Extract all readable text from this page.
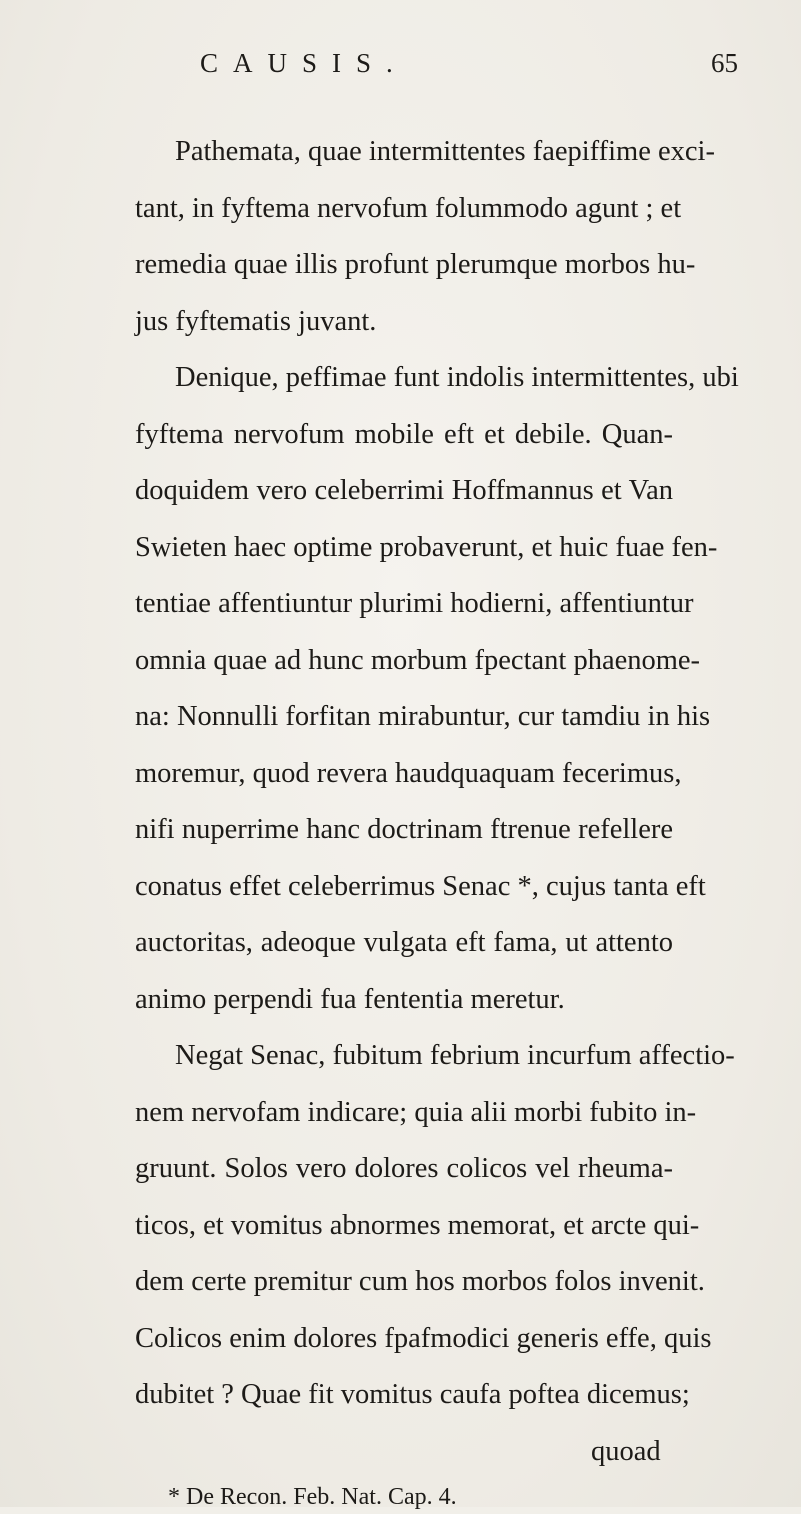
CAUSIS.	65
Pathemata, quae intermittentes faepiffime exci-
tant, in fyftema nervofum folummodo agunt ; et
remedia quae illis profunt plerumque morbos hu-
jus fyftematis juvant.
Denique, peffimae funt indolis intermittentes, ubi
fyftema nervofum mobile eft et debile. Quan-
doquidem vero celeberrimi Hoffmannus et Van
Swieten haec optime probaverunt, et huic fuae fen-
tentiae affentiuntur plurimi hodierni, affentiuntur
omnia quae ad hunc morbum fpectant phaenome-
na: Nonnulli forfitan mirabuntur, cur tamdiu in his
moremur, quod revera haudquaquam fecerimus,
nifi nuperrime hanc doctrinam ftrenue refellere
conatus effet celeberrimus Senac *, cujus tanta eft
auctoritas, adeoque vulgata eft fama, ut attento
animo perpendi fua fententia meretur.
Negat Senac, fubitum febrium incurfum affectio-
nem nervofam indicare; quia alii morbi fubito in-
gruunt. Solos vero dolores colicos vel rheuma-
ticos, et vomitus abnormes memorat, et arcte qui-
dem certe premitur cum hos morbos folos invenit.
Colicos enim dolores fpafmodici generis effe, quis
dubitet ? Quae fit vomitus caufa poftea dicemus;
quoad
* De Recon. Feb. Nat. Cap. 4.
